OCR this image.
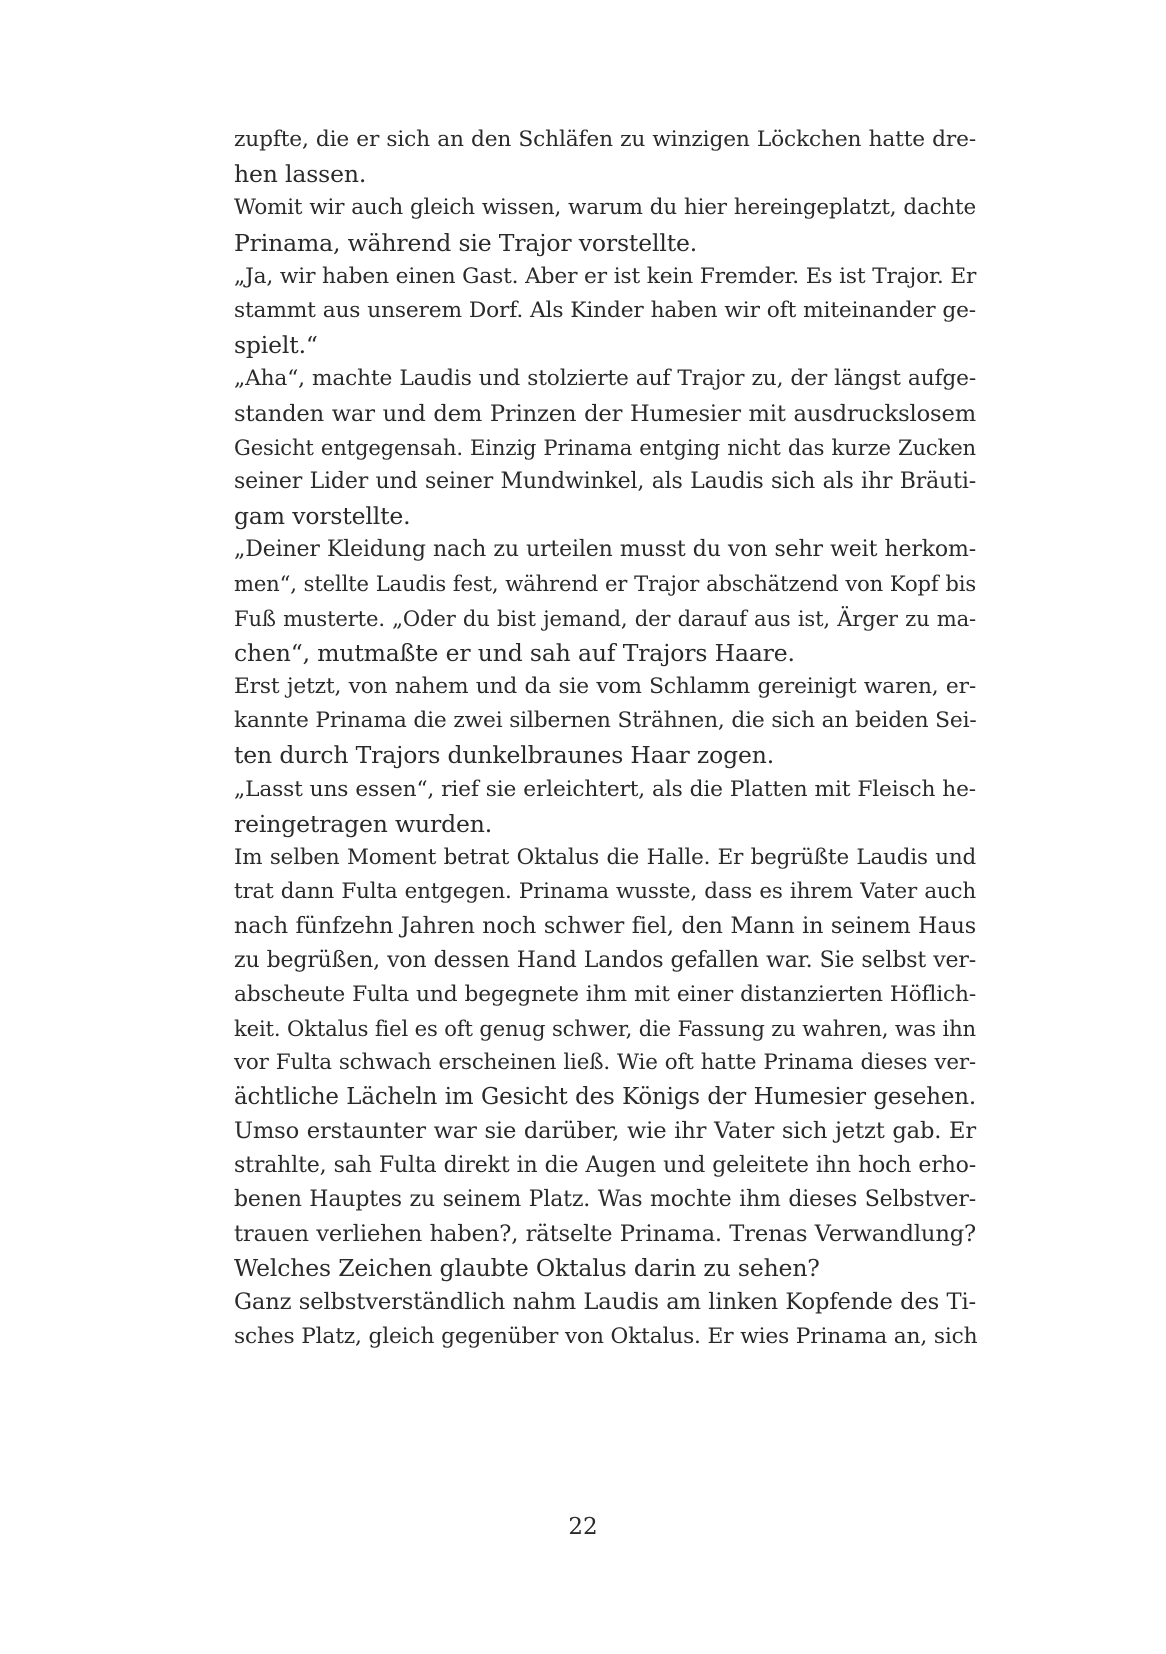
zupfte, die er sich an den Schläfen zu winzigen Löckchen hatte dre-
hen lassen.
Womit wir auch gleich wissen, warum du hier hereingeplatzt, dachte
Prinama, während sie Trajor vorstellte.
„Ja, wir haben einen Gast. Aber er ist kein Fremder. Es ist Trajor. Er
stammt aus unserem Dorf. Als Kinder haben wir oft miteinander ge-
spielt.“
„Aha“, machte Laudis und stolzierte auf Trajor zu, der längst aufge-
standen war und dem Prinzen der Humesier mit ausdruckslosem
Gesicht entgegensah. Einzig Prinama entging nicht das kurze Zucken
seiner Lider und seiner Mundwinkel, als Laudis sich als ihr Bräuti-
gam vorstellte.
„Deiner Kleidung nach zu urteilen musst du von sehr weit herkom-
men“, stellte Laudis fest, während er Trajor abschätzend von Kopf bis
Fuß musterte. „Oder du bist jemand, der darauf aus ist, Ärger zu ma-
chen“, mutmaßte er und sah auf Trajors Haare.
Erst jetzt, von nahem und da sie vom Schlamm gereinigt waren, er-
kannte Prinama die zwei silbernen Strähnen, die sich an beiden Sei-
ten durch Trajors dunkelbraunes Haar zogen.
„Lasst uns essen“, rief sie erleichtert, als die Platten mit Fleisch he-
reingetragen wurden.
Im selben Moment betrat Oktalus die Halle. Er begrüßte Laudis und
trat dann Fulta entgegen. Prinama wusste, dass es ihrem Vater auch
nach fünfzehn Jahren noch schwer fiel, den Mann in seinem Haus
zu begrüßen, von dessen Hand Landos gefallen war. Sie selbst ver-
abscheute Fulta und begegnete ihm mit einer distanzierten Höflich-
keit. Oktalus fiel es oft genug schwer, die Fassung zu wahren, was ihn
vor Fulta schwach erscheinen ließ. Wie oft hatte Prinama dieses ver-
ächtliche Lächeln im Gesicht des Königs der Humesier gesehen.
Umso erstaunter war sie darüber, wie ihr Vater sich jetzt gab. Er
strahlte, sah Fulta direkt in die Augen und geleitete ihn hoch erho-
benen Hauptes zu seinem Platz. Was mochte ihm dieses Selbstver-
trauen verliehen haben?, rätselte Prinama. Trenas Verwandlung?
Welches Zeichen glaubte Oktalus darin zu sehen?
Ganz selbstverständlich nahm Laudis am linken Kopfende des Ti-
sches Platz, gleich gegenüber von Oktalus. Er wies Prinama an, sich
22
